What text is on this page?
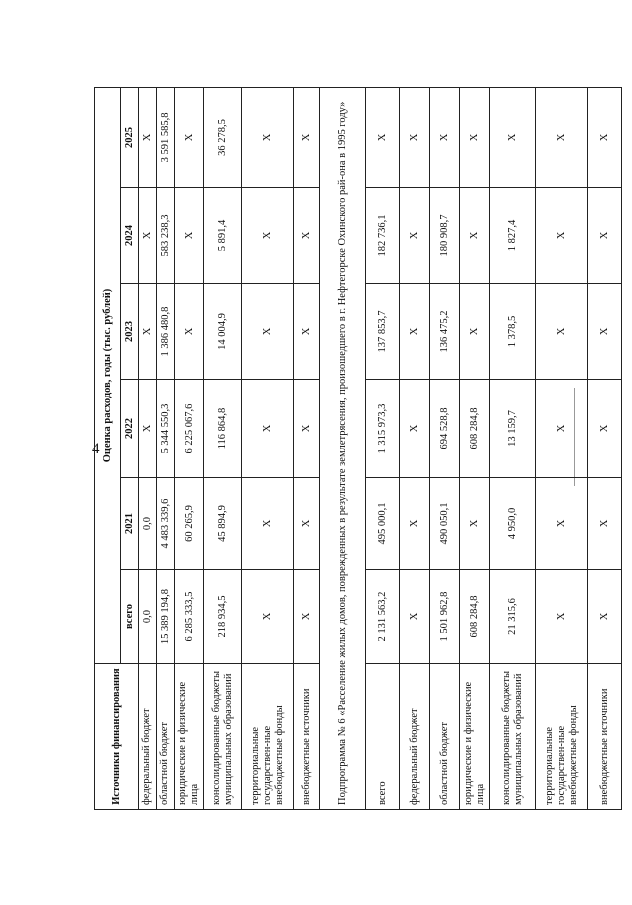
4
Источники финансирования	Оценка расходов, годы (тыс. рублей)					
	всего	2021	2022	2023	2024	2025
федеральный бюджет	0,0	0,0	X	X	X	X
областной бюджет	15 389 194,8	4 483 339,6	5 344 550,3	1 386 480,8	583 238,3	3 591 585,8
юридические и физические лица	6 285 333,5	60 265,9	6 225 067,6	X	X	X
консолидированные бюджеты муниципальных образований	218 934,5	45 894,9	116 864,8	14 004,9	5 891,4	36 278,5
территориальные государствен-ные внебюджетные фонды	X	X	X	X	X	X
внебюджетные источники	X	X	X	X	X	X
Подпрограмма № 6 «Расселение жилых домов, поврежденных в результате землетрясения, произошедшего в г. Нефтегорске Охинского рай-она в 1995 году»						
всего	2 131 563,2	495 000,1	1 315 973,3	137 853,7	182 736,1	X
федеральный бюджет	X	X	X	X	X	X
областной бюджет	1 501 962,8	490 050,1	694 528,8	136 475,2	180 908,7	X
юридические и физические лица	608 284,8	X	608 284,8	X	X	X
консолидированные бюджеты муниципальных образований	21 315,6	4 950,0	13 159,7	1 378,5	1 827,4	X
территориальные государствен-ные внебюджетные фонды	X	X	X	X	X	X
внебюджетные источники	X	X	X	X	X	X
